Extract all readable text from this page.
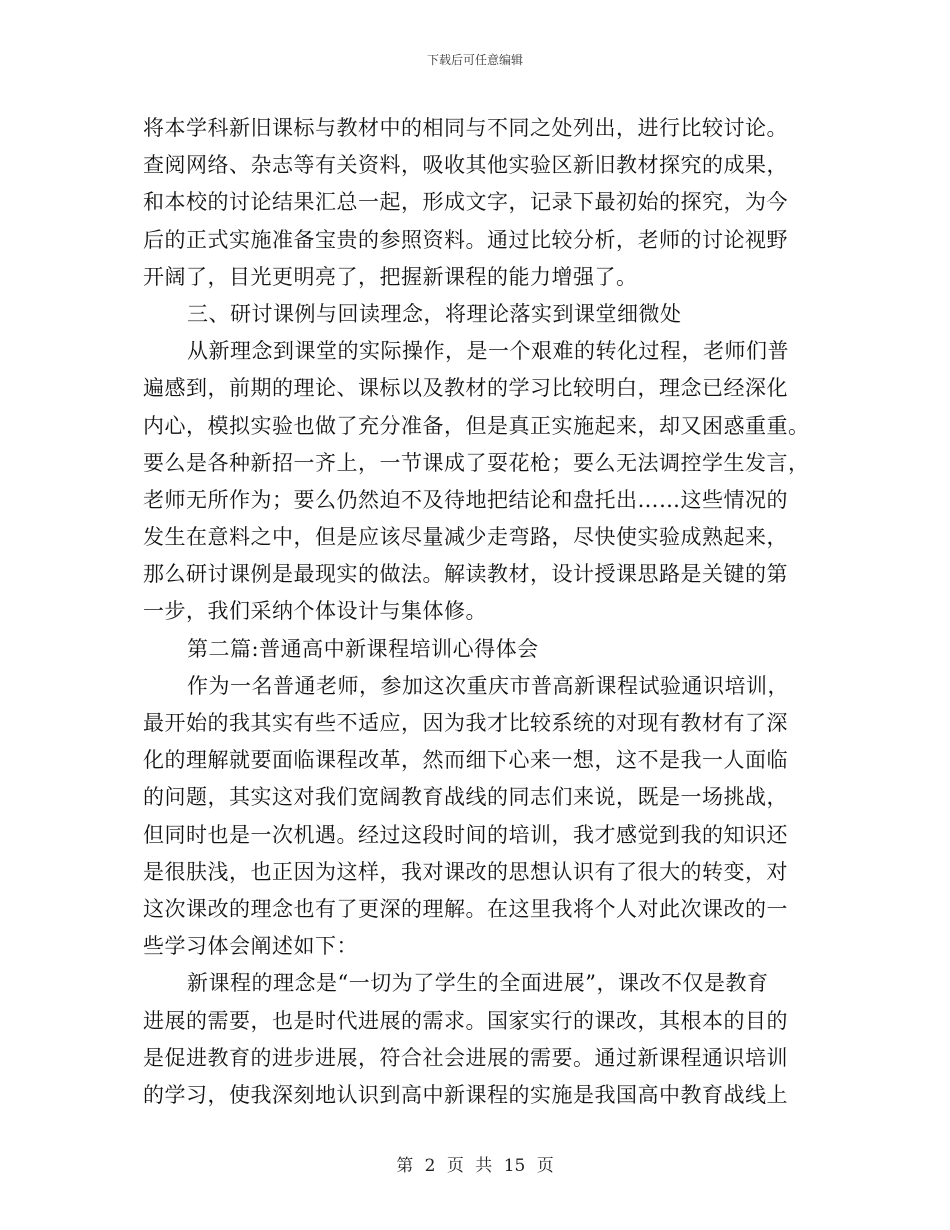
下载后可任意编辑
将本学科新旧课标与教材中的相同与不同之处列出，进行比较讨论。
查阅网络、杂志等有关资料，吸收其他实验区新旧教材探究的成果，
和本校的讨论结果汇总一起，形成文字，记录下最初始的探究，为今
后的正式实施准备宝贵的参照资料。通过比较分析，老师的讨论视野
开阔了，目光更明亮了，把握新课程的能力增强了。
三、研讨课例与回读理念，将理论落实到课堂细微处
从新理念到课堂的实际操作，是一个艰难的转化过程，老师们普
遍感到，前期的理论、课标以及教材的学习比较明白，理念已经深化
内心，模拟实验也做了充分准备，但是真正实施起来，却又困惑重重。
要么是各种新招一齐上，一节课成了耍花枪；要么无法调控学生发言，
老师无所作为；要么仍然迫不及待地把结论和盘托出……这些情况的
发生在意料之中，但是应该尽量减少走弯路，尽快使实验成熟起来，
那么研讨课例是最现实的做法。解读教材，设计授课思路是关键的第
一步，我们采纳个体设计与集体修。
第二篇:普通高中新课程培训心得体会
作为一名普通老师，参加这次重庆市普高新课程试验通识培训，
最开始的我其实有些不适应，因为我才比较系统的对现有教材有了深
化的理解就要面临课程改革，然而细下心来一想，这不是我一人面临
的问题，其实这对我们宽阔教育战线的同志们来说，既是一场挑战，
但同时也是一次机遇。经过这段时间的培训，我才感觉到我的知识还
是很肤浅，也正因为这样，我对课改的思想认识有了很大的转变，对
这次课改的理念也有了更深的理解。在这里我将个人对此次课改的一
些学习体会阐述如下：
新课程的理念是“一切为了学生的全面进展”，课改不仅是教育
进展的需要，也是时代进展的需求。国家实行的课改，其根本的目的
是促进教育的进步进展，符合社会进展的需要。通过新课程通识培训
的学习，使我深刻地认识到高中新课程的实施是我国高中教育战线上
第 2 页 共 15 页
